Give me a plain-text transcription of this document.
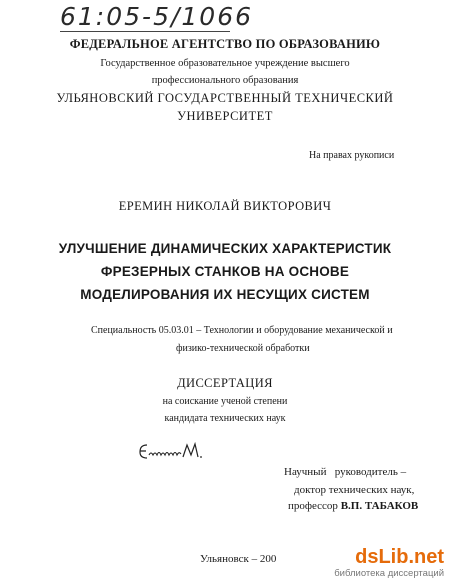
61:05-5/1066
ФЕДЕРАЛЬНОЕ АГЕНТСТВО ПО ОБРАЗОВАНИЮ
Государственное образовательное учреждение высшего
профессионального образования
УЛЬЯНОВСКИЙ ГОСУДАРСТВЕННЫЙ ТЕХНИЧЕСКИЙ
УНИВЕРСИТЕТ
На правах рукописи
ЕРЕМИН НИКОЛАЙ ВИКТОРОВИЧ
УЛУЧШЕНИЕ ДИНАМИЧЕСКИХ ХАРАКТЕРИСТИК
ФРЕЗЕРНЫХ СТАНКОВ НА ОСНОВЕ
МОДЕЛИРОВАНИЯ ИХ НЕСУЩИХ СИСТЕМ
Специальность 05.03.01 – Технологии и оборудование механической и
физико-технической обработки
ДИССЕРТАЦИЯ
на соискание ученой степени
кандидата технических наук
Научный   руководитель –
доктор технических наук,
профессор В.П. ТАБАКОВ
Ульяновск – 200	dsLib.net
библиотека диссертаций
